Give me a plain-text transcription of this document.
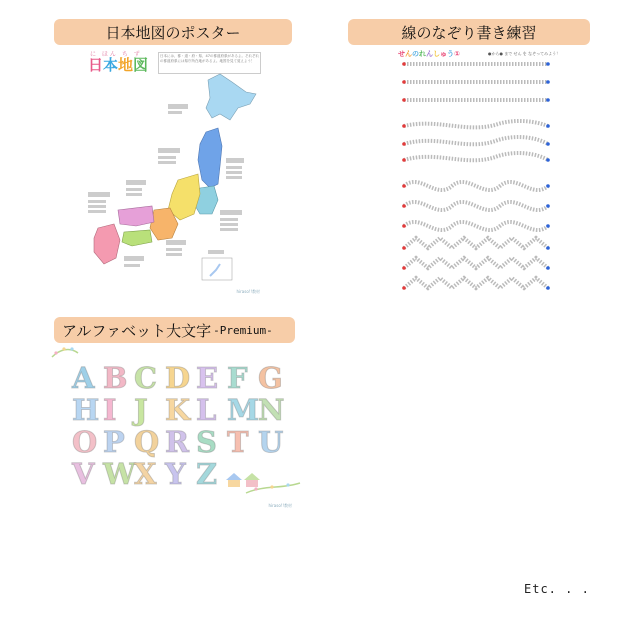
日本地図のポスター	線のなぞり書き練習
アルファベット大文字 -Premium-
に ほん ち ず
日本地図	日本には、都・道・府・県、47の都道府県があるよ。それぞれの都道府県には県庁所在地があるよ。地図を見て覚えよう！
hiraso!!教材
せんのれんしゅう①	●から● まで せん を なぞってみよう！
A B C D E F G
H I J K L M
N
O P Q R S T U
V W
X Y Z
hiraso!!教材
Etc. . .
